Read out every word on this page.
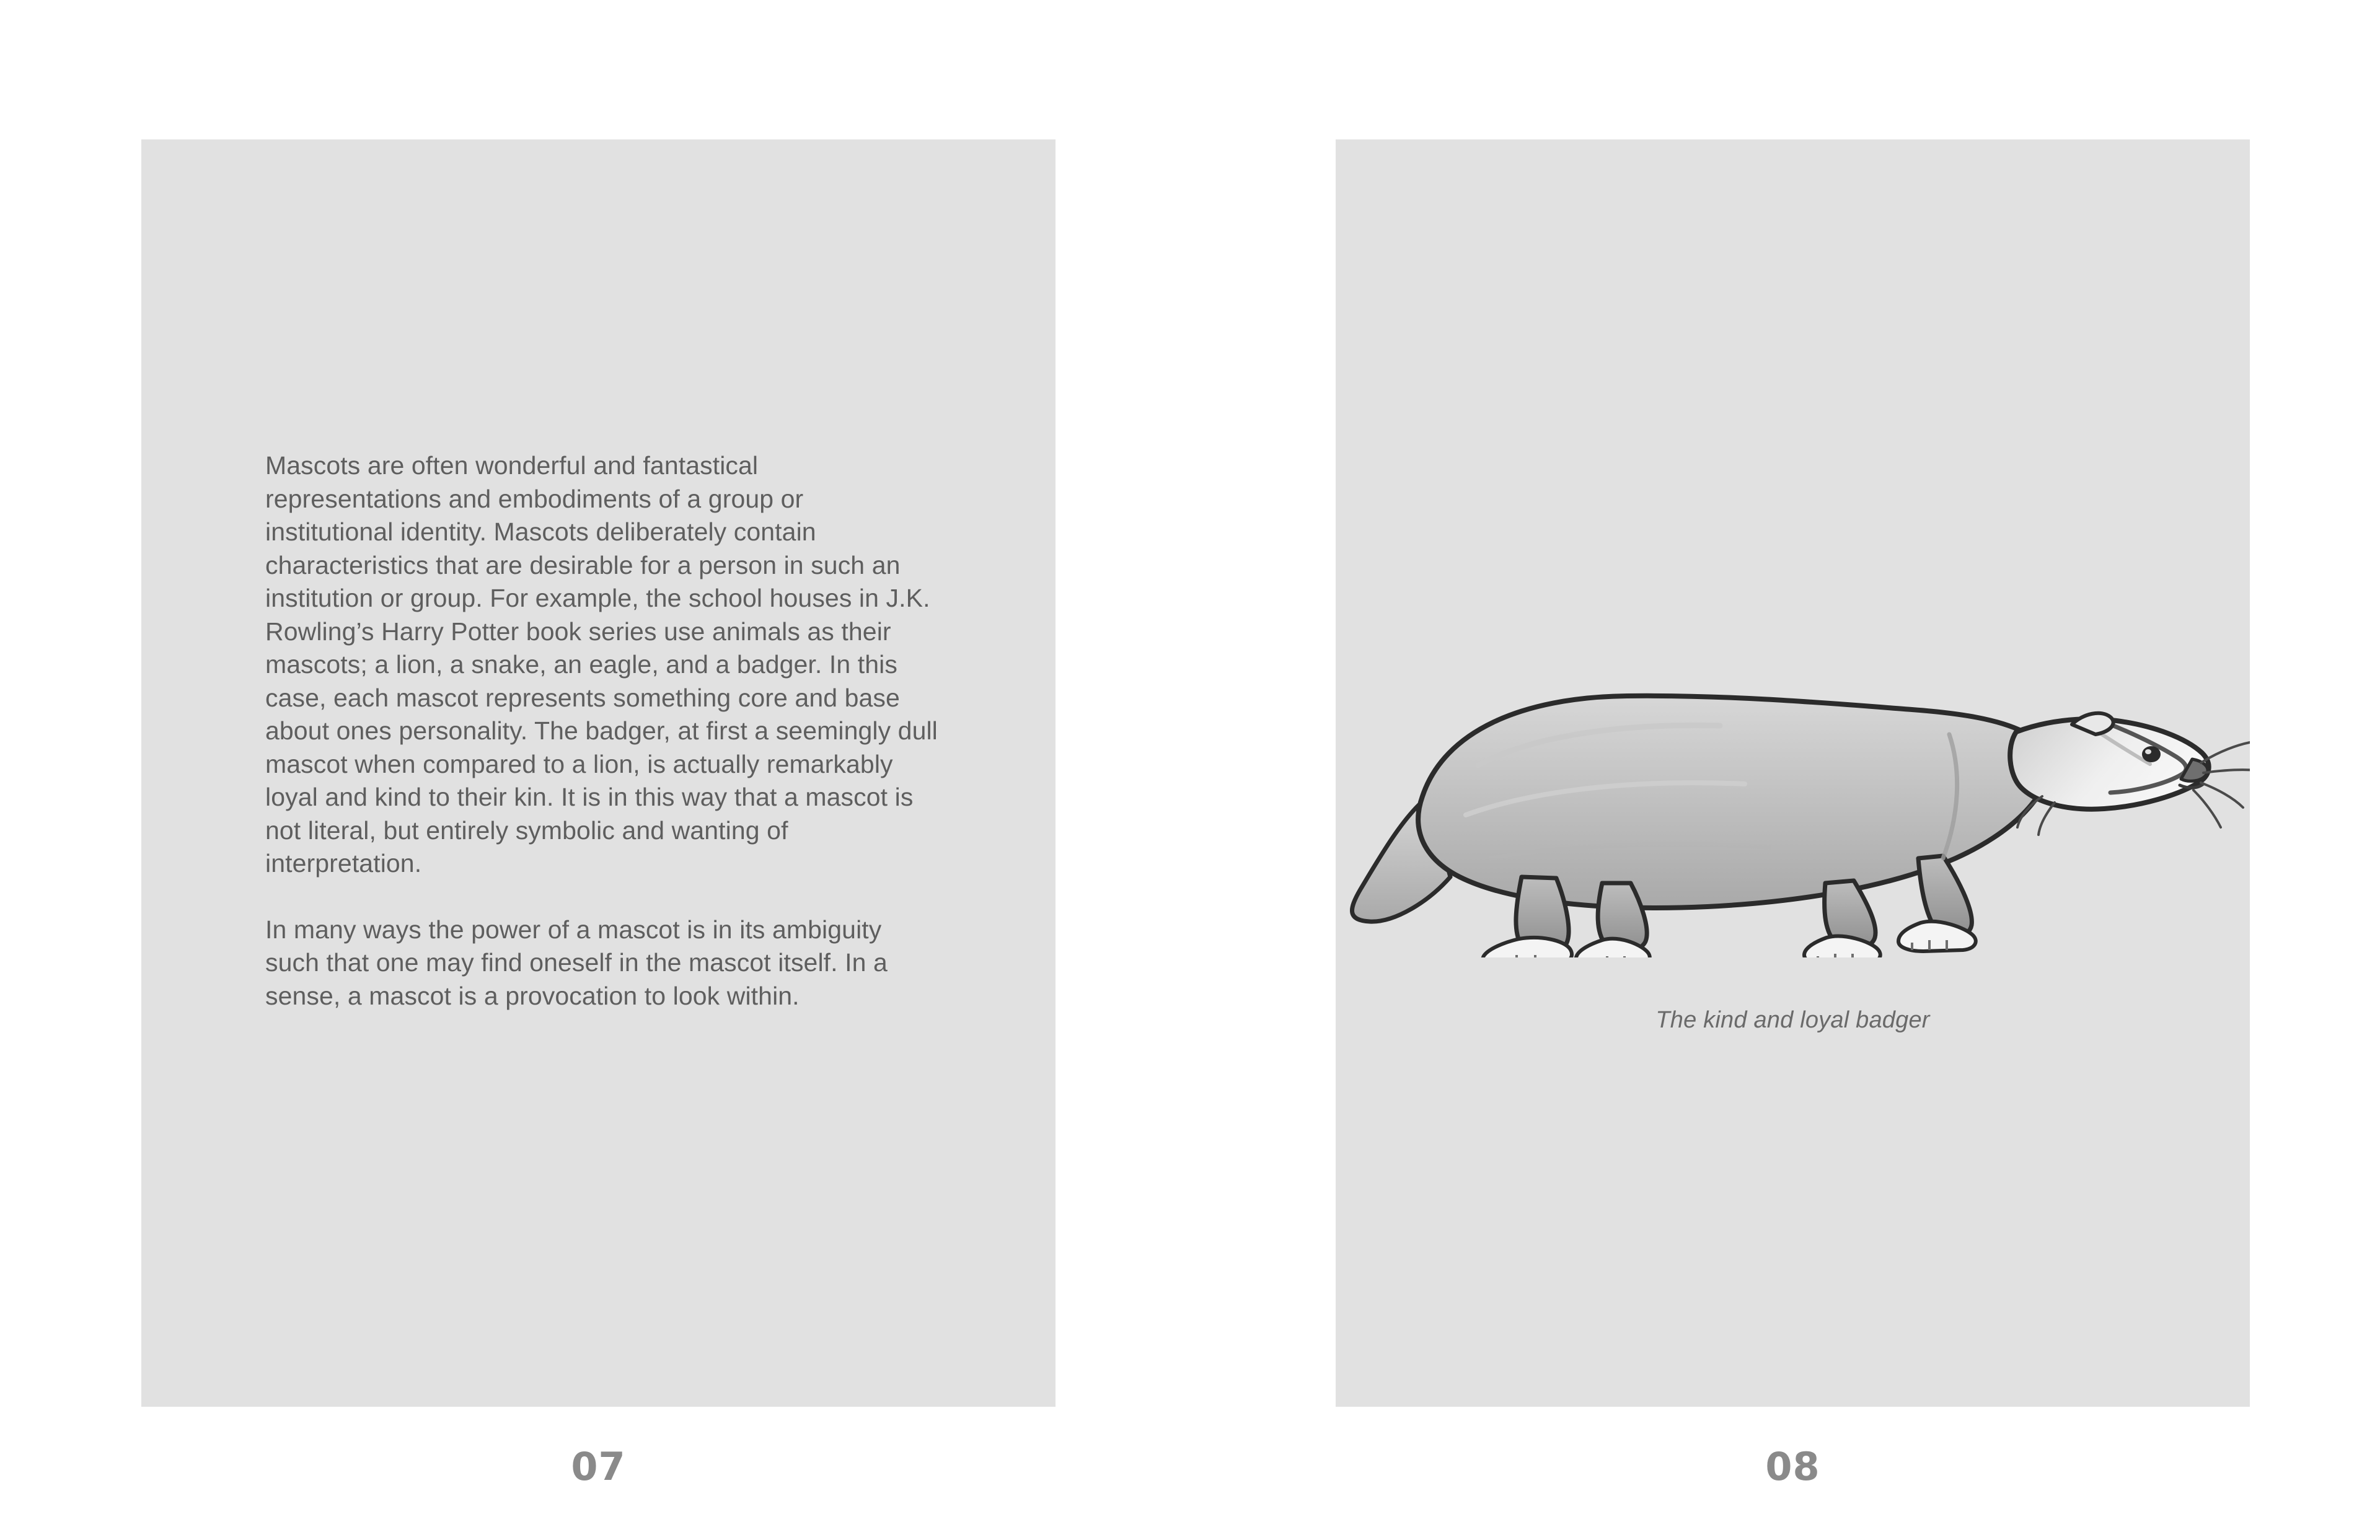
Mascots are often wonderful and fantastical representations and embodiments of a group or institutional identity. Mascots deliberately contain characteristics that are desirable for a person in such an institution or group. For example, the school houses in J.K. Rowling’s Harry Potter book series use animals as their mascots; a lion, a snake, an eagle, and a badger. In this case, each mascot represents something core and base about ones personality. The badger, at first a seemingly dull mascot when compared to a lion, is actually remarkably loyal and kind to their kin. It is in this way that a mascot is not literal, but entirely symbolic and wanting of interpretation.

In many ways the power of a mascot is in its ambiguity such that one may find oneself in the mascot itself. In a sense, a mascot is a provocation to look within.

07
The kind and loyal badger
08
